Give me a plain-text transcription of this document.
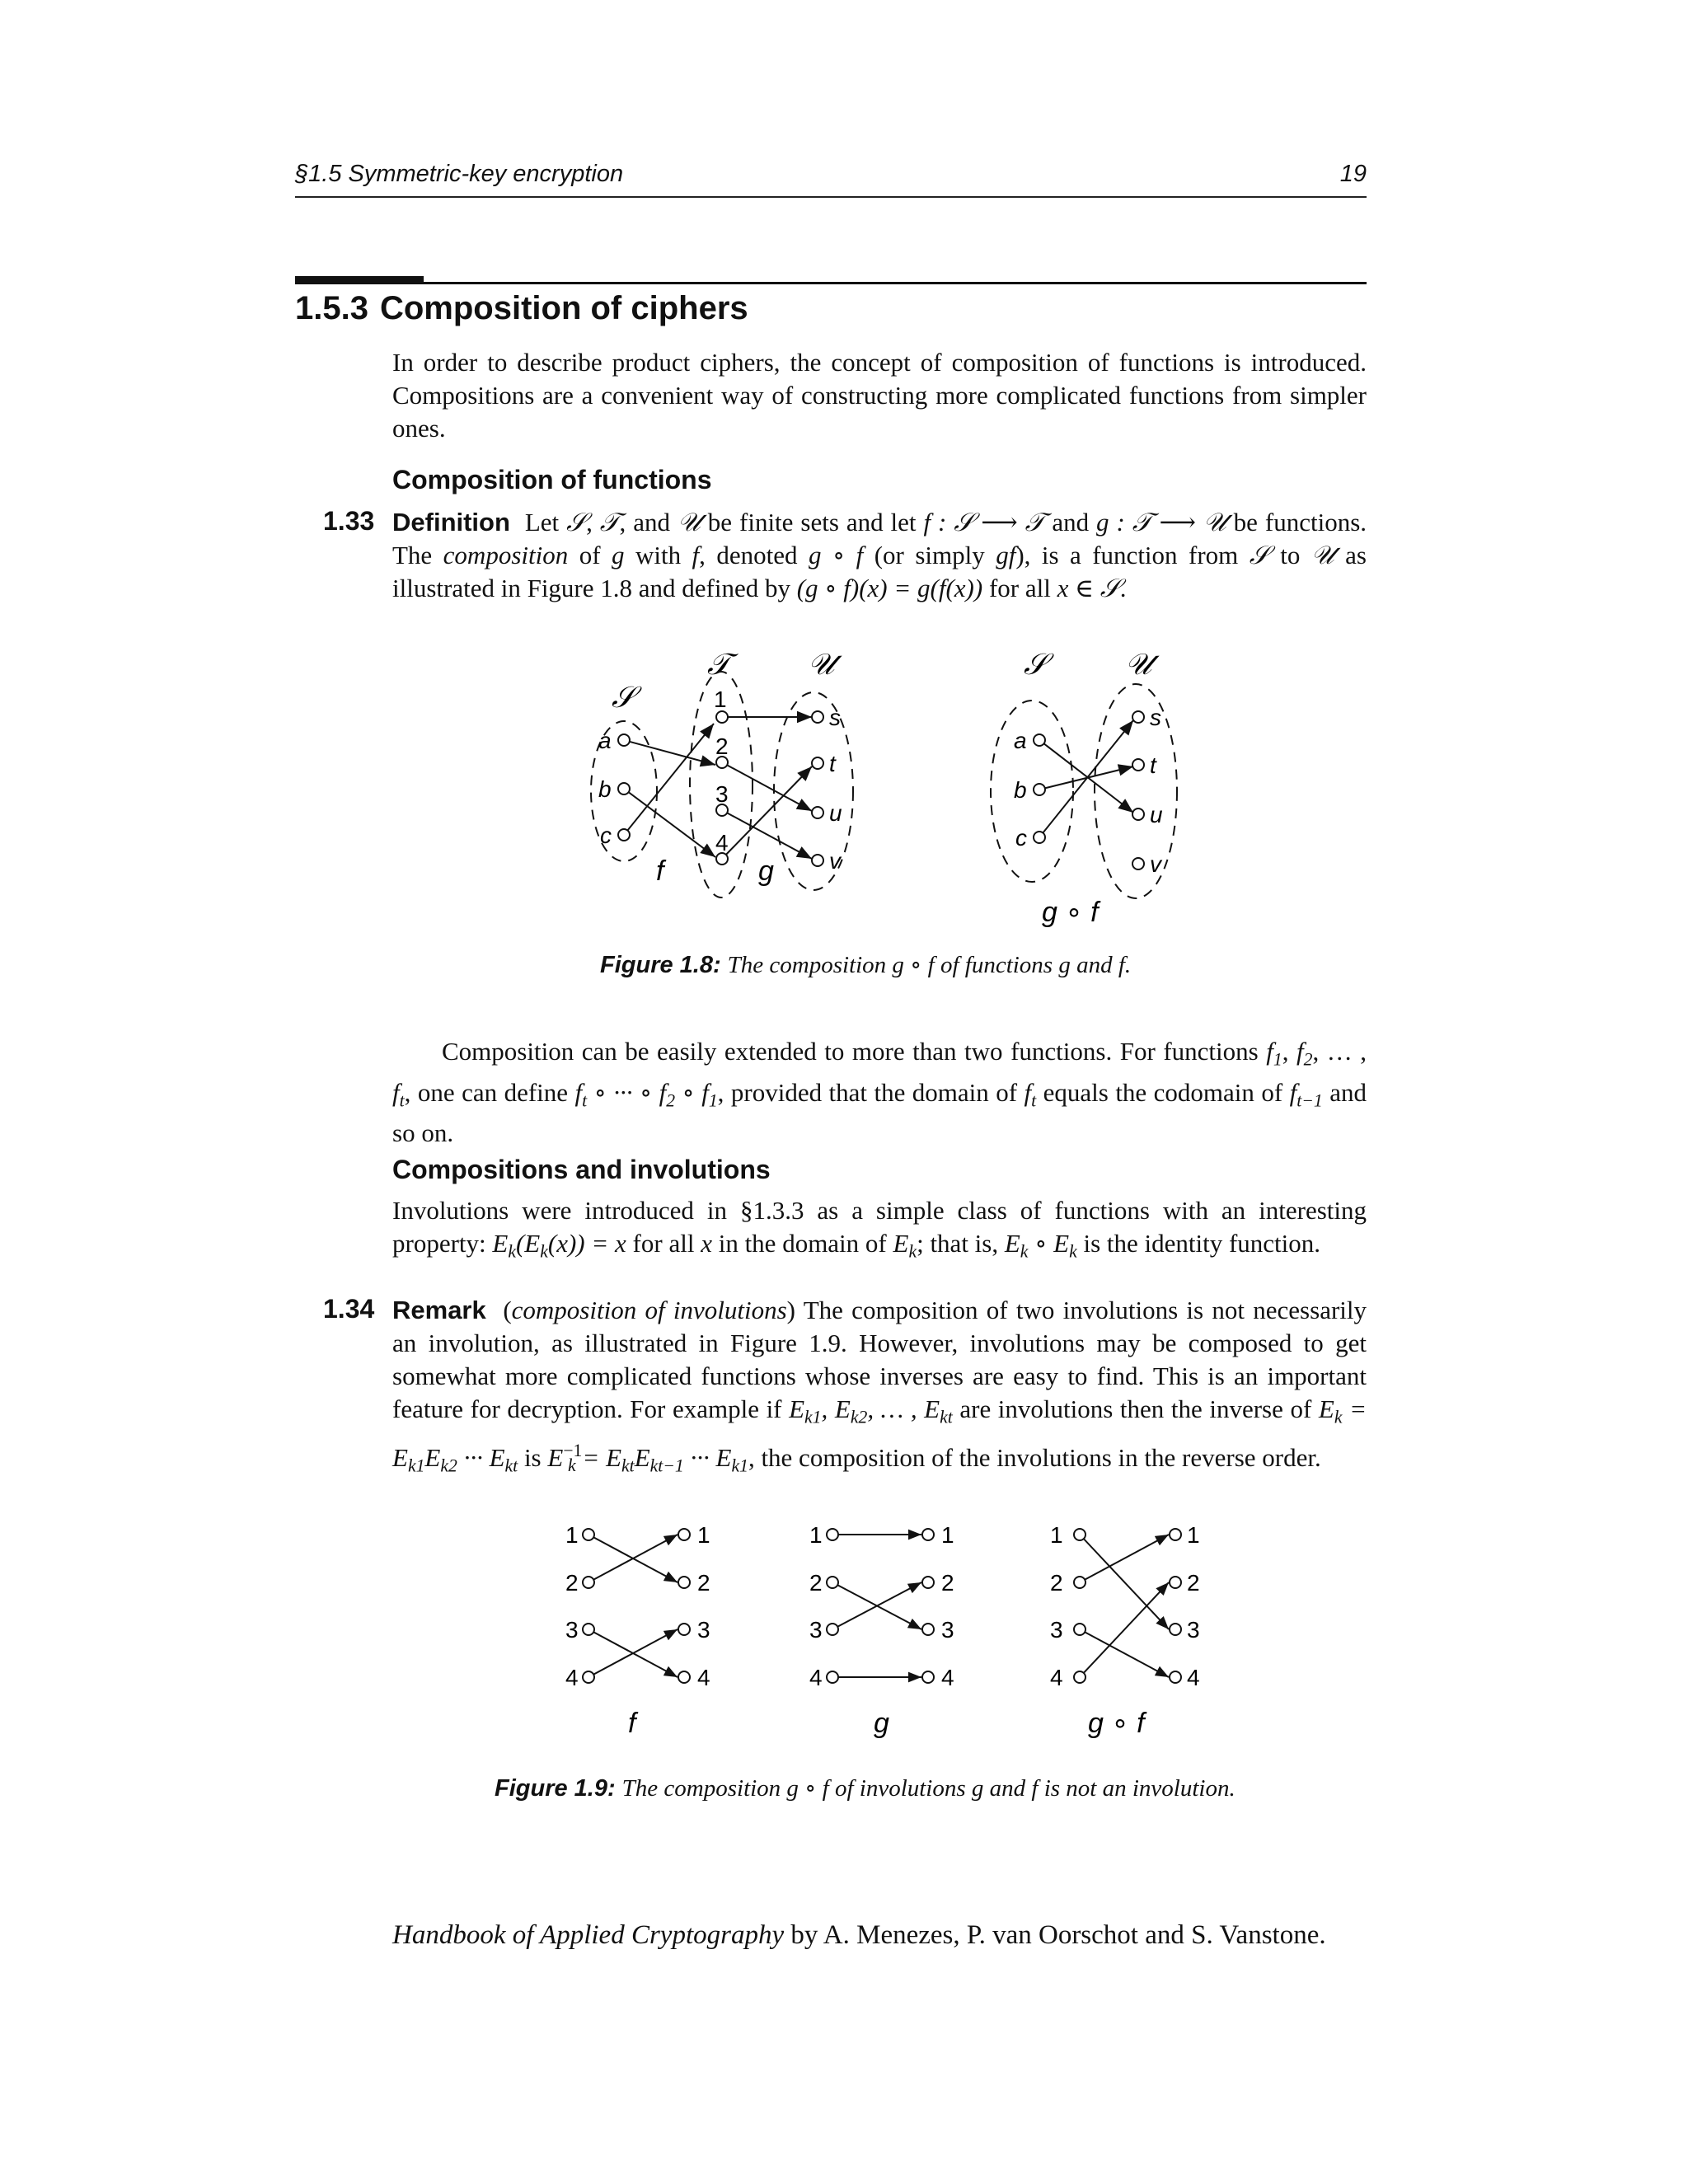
§1.5 Symmetric-key encryption	19
1.5.3 Composition of ciphers

In order to describe product ciphers, the concept of composition of functions is introduced. Compositions are a convenient way of constructing more complicated functions from simpler ones.

Composition of functions
1.33 Definition Let 𝒮, 𝒯, and 𝒰 be finite sets and let f : 𝒮 ⟶ 𝒯 and g : 𝒯 ⟶ 𝒰 be functions. The composition of g with f, denoted g ∘ f (or simply gf), is a function from 𝒮 to 𝒰 as illustrated in Figure 1.8 and defined by (g ∘ f)(x) = g(f(x)) for all x ∈ 𝒮.

𝒮
𝒯	𝒰
a
b
c
1
2
3
4
s
t
u
v
f	g
𝒮	𝒰
a
b
c
s
t
u
v
g ∘ f
Figure 1.8: The composition g ∘ f of functions g and f.

Composition can be easily extended to more than two functions. For functions $f_1$, $f_2$, … , $f_t$, one can define $f_t$ ∘ ··· ∘ $f_2$ ∘ $f_1$, provided that the domain of $f_t$ equals the codomain of $f_{t-1}$ and so on.

Compositions and involutions

Involutions were introduced in §1.3.3 as a simple class of functions with an interesting property: $E_k(E_k(x)) = x$ for all x in the domain of $E_k$; that is, $E_k$ ∘ $E_k$ is the identity function.

1.34 Remark  (composition of involutions) The composition of two involutions is not necessarily an involution, as illustrated in Figure 1.9. However, involutions may be composed to get somewhat more complicated functions whose inverses are easy to find. This is an important feature for decryption. For example if $E_{k1}$, $E_{k2}$, … , $E_{kt}$ are involutions then the inverse of $E_k = E_{k1}E_{k2}$ ··· $E_{kt}$ is $E^{-1}_k = E_{kt}E_{kt-1}$ ··· $E_{k1}$, the composition of the involutions in the reverse order.

1
2
3
4
1
2
3
4
f
1
2
3
4
1
2
3
4
g
1
2
3
4
1
2
3
4
g ∘ f
Figure 1.9: The composition g ∘ f of involutions g and f is not an involution.
Handbook of Applied Cryptography by A. Menezes, P. van Oorschot and S. Vanstone.
